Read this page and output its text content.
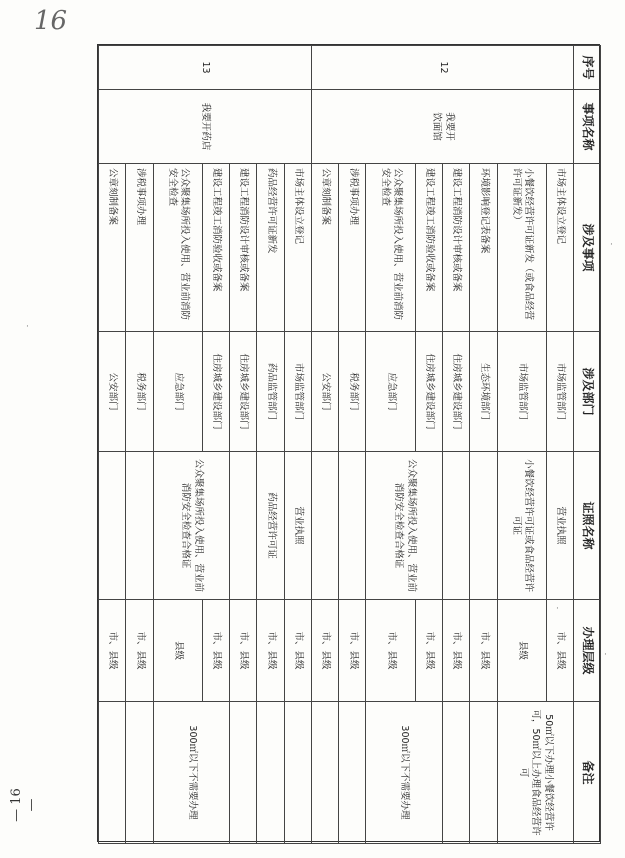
16
— 16 —
序号	事项名称	涉及事项	涉及部门	证照名称	办理层级	备注
12	我要开
饮面馆	市场主体设立登记	市场监管部门	营业执照	市、县级	50㎡以下办理小餐饮经营许可，50㎡以上办理食品经营许可
		小餐饮经营许可证新发（或食品经营许可证新发）	市场监管部门	小餐饮经营许可证或食品经营许可证	县级	
		环境影响登记表备案	生态环境部门		市、县级	
		建设工程消防设计审核或备案	住房城乡建设部门		市、县级	
		建设工程竣工消防验收或备案	住房城乡建设部门	公众聚集场所投入使用、营业前消防安全检查合格证	市、县级	300㎡以下不需要办理
		公众聚集场所投入使用、营业前消防安全检查	应急部门		市、县级	
		涉税事项办理	税务部门		市、县级	
		公章刻制备案	公安部门		市、县级	
13	我要开药店	市场主体设立登记	市场监管部门	营业执照	市、县级	
		药品经营许可证新发	药品监管部门	药品经营许可证	市、县级	
		建设工程消防设计审核或备案	住房城乡建设部门		市、县级	
		建设工程竣工消防验收或备案	住房城乡建设部门	公众聚集场所投入使用、营业前消防安全检查合格证	市、县级	300㎡以下不需要办理
		公众聚集场所投入使用、营业前消防安全检查	应急部门		县级	
		涉税事项办理	税务部门		市、县级	
		公章刻制备案	公安部门		市、县级	
·
·
·
·
